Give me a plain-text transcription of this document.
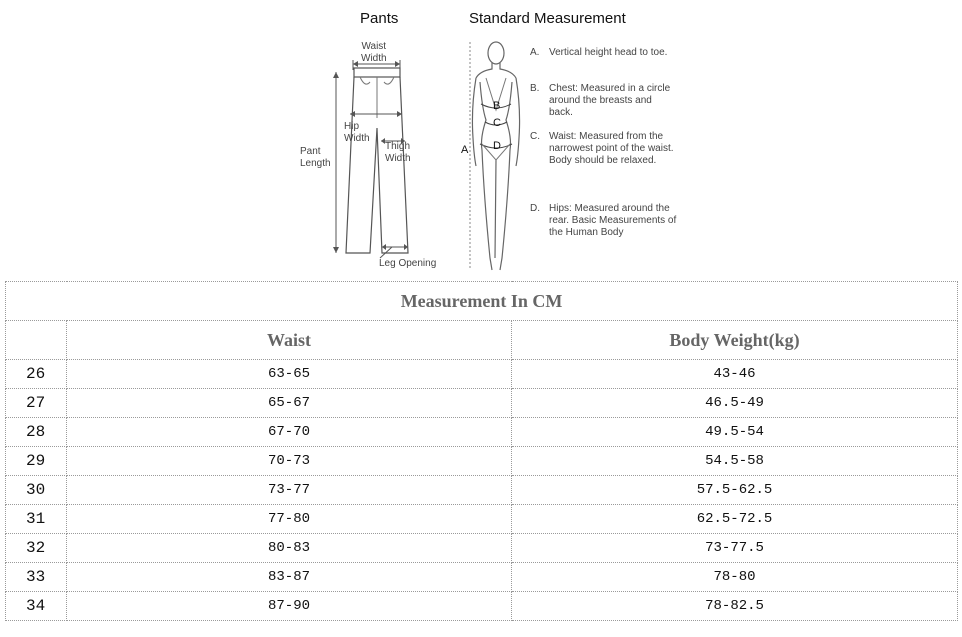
Pants	Standard Measurement
Waist
Width
Hip
Width
Thigh
Width
Pant
Length
Leg Opening
A
B
C
D
A. Vertical height head to toe.
B. Chest: Measured in a circle around the breasts and back.
C. Waist: Measured from the narrowest point of the waist. Body should be relaxed.
D. Hips: Measured around the rear. Basic Measurements of the Human Body
Measurement In CM		
	Waist	Body Weight(kg)
26	63-65	43-46
27	65-67	46.5-49
28	67-70	49.5-54
29	70-73	54.5-58
30	73-77	57.5-62.5
31	77-80	62.5-72.5
32	80-83	73-77.5
33	83-87	78-80
34	87-90	78-82.5
